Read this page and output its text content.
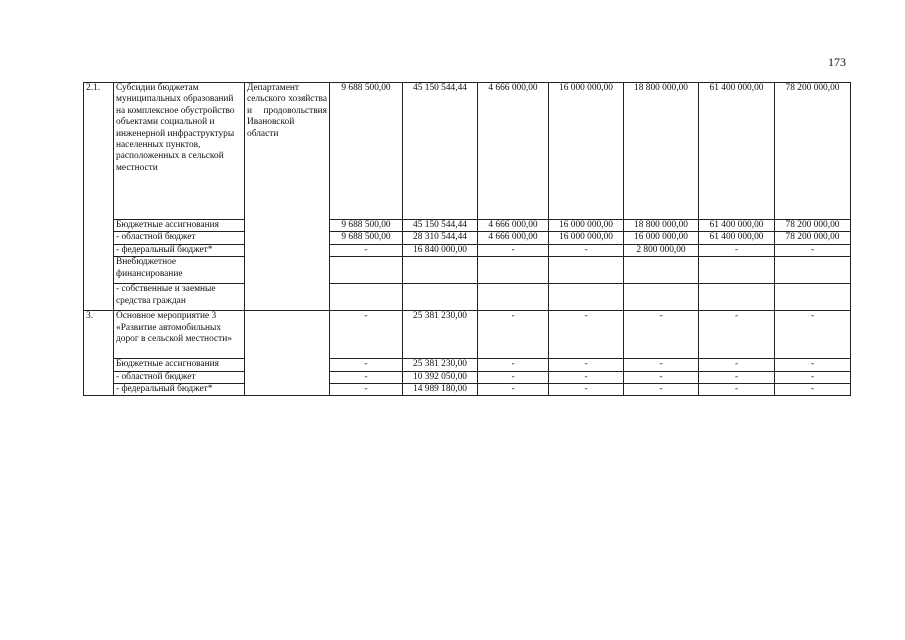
173
2.1.	Субсидии бюджетам муниципальных образований на комплексное обустройство объектами социальной и инженерной инфраструктуры населенных пунктов, расположенных в сельской местности	Департамент сельского хозяйства и продовольствия Ивановской области	9 688 500,00	45 150 544,44	4 666 000,00	16 000 000,00	18 800 000,00	61 400 000,00	78 200 000,00
	Бюджетные ассигнования		9 688 500,00	45 150 544,44	4 666 000,00	16 000 000,00	18 800 000,00	61 400 000,00	78 200 000,00
	- областной бюджет		9 688 500,00	28 310 544,44	4 666 000,00	16 000 000,00	16 000 000,00	61 400 000,00	78 200 000,00
	- федеральный бюджет*		-	16 840 000,00	-	-	2 800 000,00	-	-
	Внебюджетное финансирование								
	- собственные и заемные средства граждан								
3.	Основное мероприятие 3 «Развитие автомобильных дорог в сельской местности»		-	25 381 230,00	-	-	-	-	-
	Бюджетные ассигнования		-	25 381 230,00	-	-	-	-	-
	- областной бюджет		-	10 392 050,00	-	-	-	-	-
	- федеральный бюджет*		-	14 989 180,00	-	-	-	-	-
